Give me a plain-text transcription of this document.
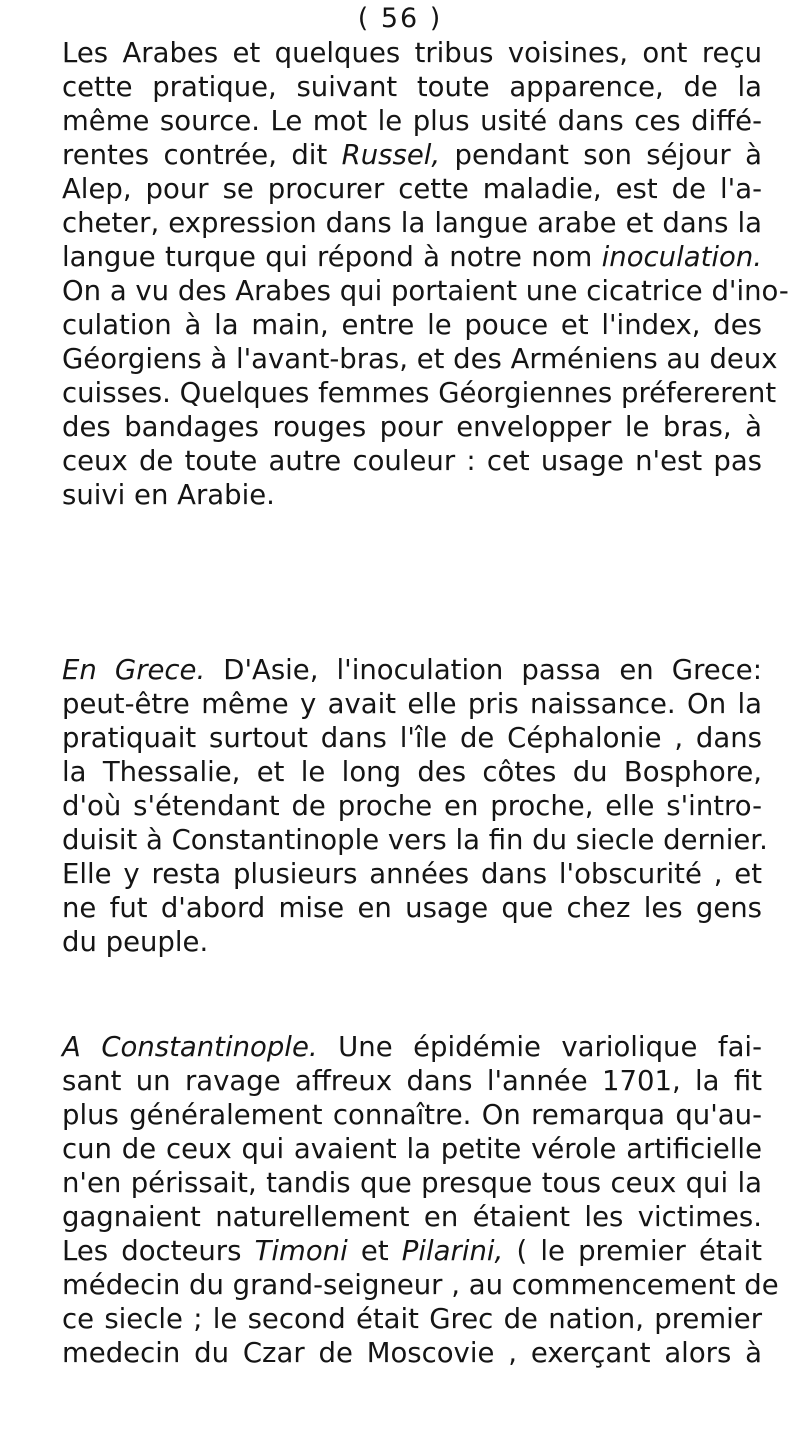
( 56 )
Les Arabes et quelques tribus voisines, ont reçu
cette pratique, suivant toute apparence, de la
même source. Le mot le plus usité dans ces diffé-
rentes contrée, dit Russel, pendant son séjour à
Alep, pour se procurer cette maladie, est de l'a-
cheter, expression dans la langue arabe et dans la
langue turque qui répond à notre nom inoculation.
On a vu des Arabes qui portaient une cicatrice d'ino-
culation à la main, entre le pouce et l'index, des
Géorgiens à l'avant-bras, et des Arméniens au deux
cuisses. Quelques femmes Géorgiennes préfererent
des bandages rouges pour envelopper le bras, à
ceux de toute autre couleur : cet usage n'est pas
suivi en Arabie.
En Grece. D'Asie, l'inoculation passa en Grece:
peut-être même y avait elle pris naissance. On la
pratiquait surtout dans l'île de Céphalonie , dans
la Thessalie, et le long des côtes du Bosphore,
d'où s'étendant de proche en proche, elle s'intro-
duisit à Constantinople vers la fin du siecle dernier.
Elle y resta plusieurs années dans l'obscurité , et
ne fut d'abord mise en usage que chez les gens
du peuple.
A Constantinople. Une épidémie variolique fai-
sant un ravage affreux dans l'année 1701, la fit
plus généralement connaître. On remarqua qu'au-
cun de ceux qui avaient la petite vérole artificielle
n'en périssait, tandis que presque tous ceux qui la
gagnaient naturellement en étaient les victimes.
Les docteurs Timoni et Pilarini, ( le premier était
médecin du grand-seigneur , au commencement de
ce siecle ; le second était Grec de nation, premier
medecin du Czar de Moscovie , exerçant alors à
